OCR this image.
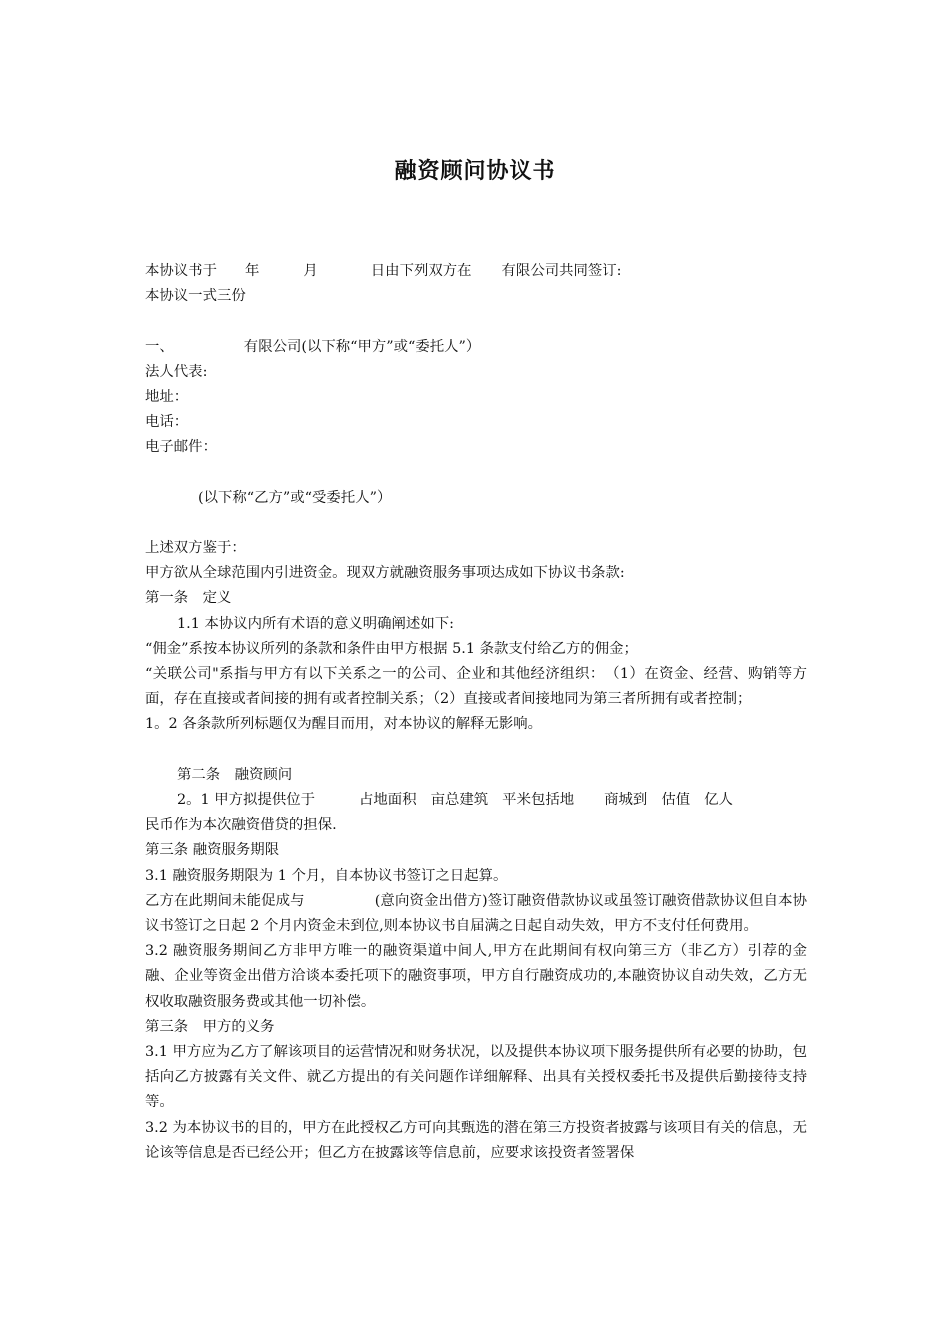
融资顾问协议书
本协议书于 年	月	日由下列双方在 有限公司共同签订:
本协议一式三份
一、	有限公司(以下称“甲方”或“委托人”）
法人代表:
地址：
电话：
电子邮件：
(以下称“乙方”或“受委托人”）
上述双方鉴于：
甲方欲从全球范围内引进资金。现双方就融资服务事项达成如下协议书条款:
第一条　定义
1.1 本协议内所有术语的意义明确阐述如下:
“佣金”系按本协议所列的条款和条件由甲方根据 5.1 条款支付给乙方的佣金；
“关联公司"系指与甲方有以下关系之一的公司、企业和其他经济组织：　（1）在资金、经营、购销等方面，存在直接或者间接的拥有或者控制关系；（2）直接或者间接地同为第三者所拥有或者控制；
1。2 各条款所列标题仅为醒目而用，对本协议的解释无影响。
第二条　融资顾问
2。1 甲方拟提供位于	占地面积 亩总建筑 平米包括地 商城到 估值 亿人
民币作为本次融资借贷的担保.
第三条 融资服务期限
3.1 融资服务期限为 1 个月，自本协议书签订之日起算。
乙方在此期间未能促成与	(意向资金出借方)签订融资借款协议或虽签订融资借款协议但自本协议书签订之日起 2 个月内资金未到位,则本协议书自届满之日起自动失效，甲方不支付任何费用。
3.2 融资服务期间乙方非甲方唯一的融资渠道中间人,甲方在此期间有权向第三方（非乙方）引荐的金融、企业等资金出借方洽谈本委托项下的融资事项，甲方自行融资成功的,本融资协议自动失效，乙方无权收取融资服务费或其他一切补偿。
第三条　甲方的义务
3.1 甲方应为乙方了解该项目的运营情况和财务状况，以及提供本协议项下服务提供所有必要的协助，包括向乙方披露有关文件、就乙方提出的有关问题作详细解释、出具有关授权委托书及提供后勤接待支持等。
3.2 为本协议书的目的，甲方在此授权乙方可向其甄选的潜在第三方投资者披露与该项目有关的信息，无论该等信息是否已经公开；但乙方在披露该等信息前，应要求该投资者签署保
